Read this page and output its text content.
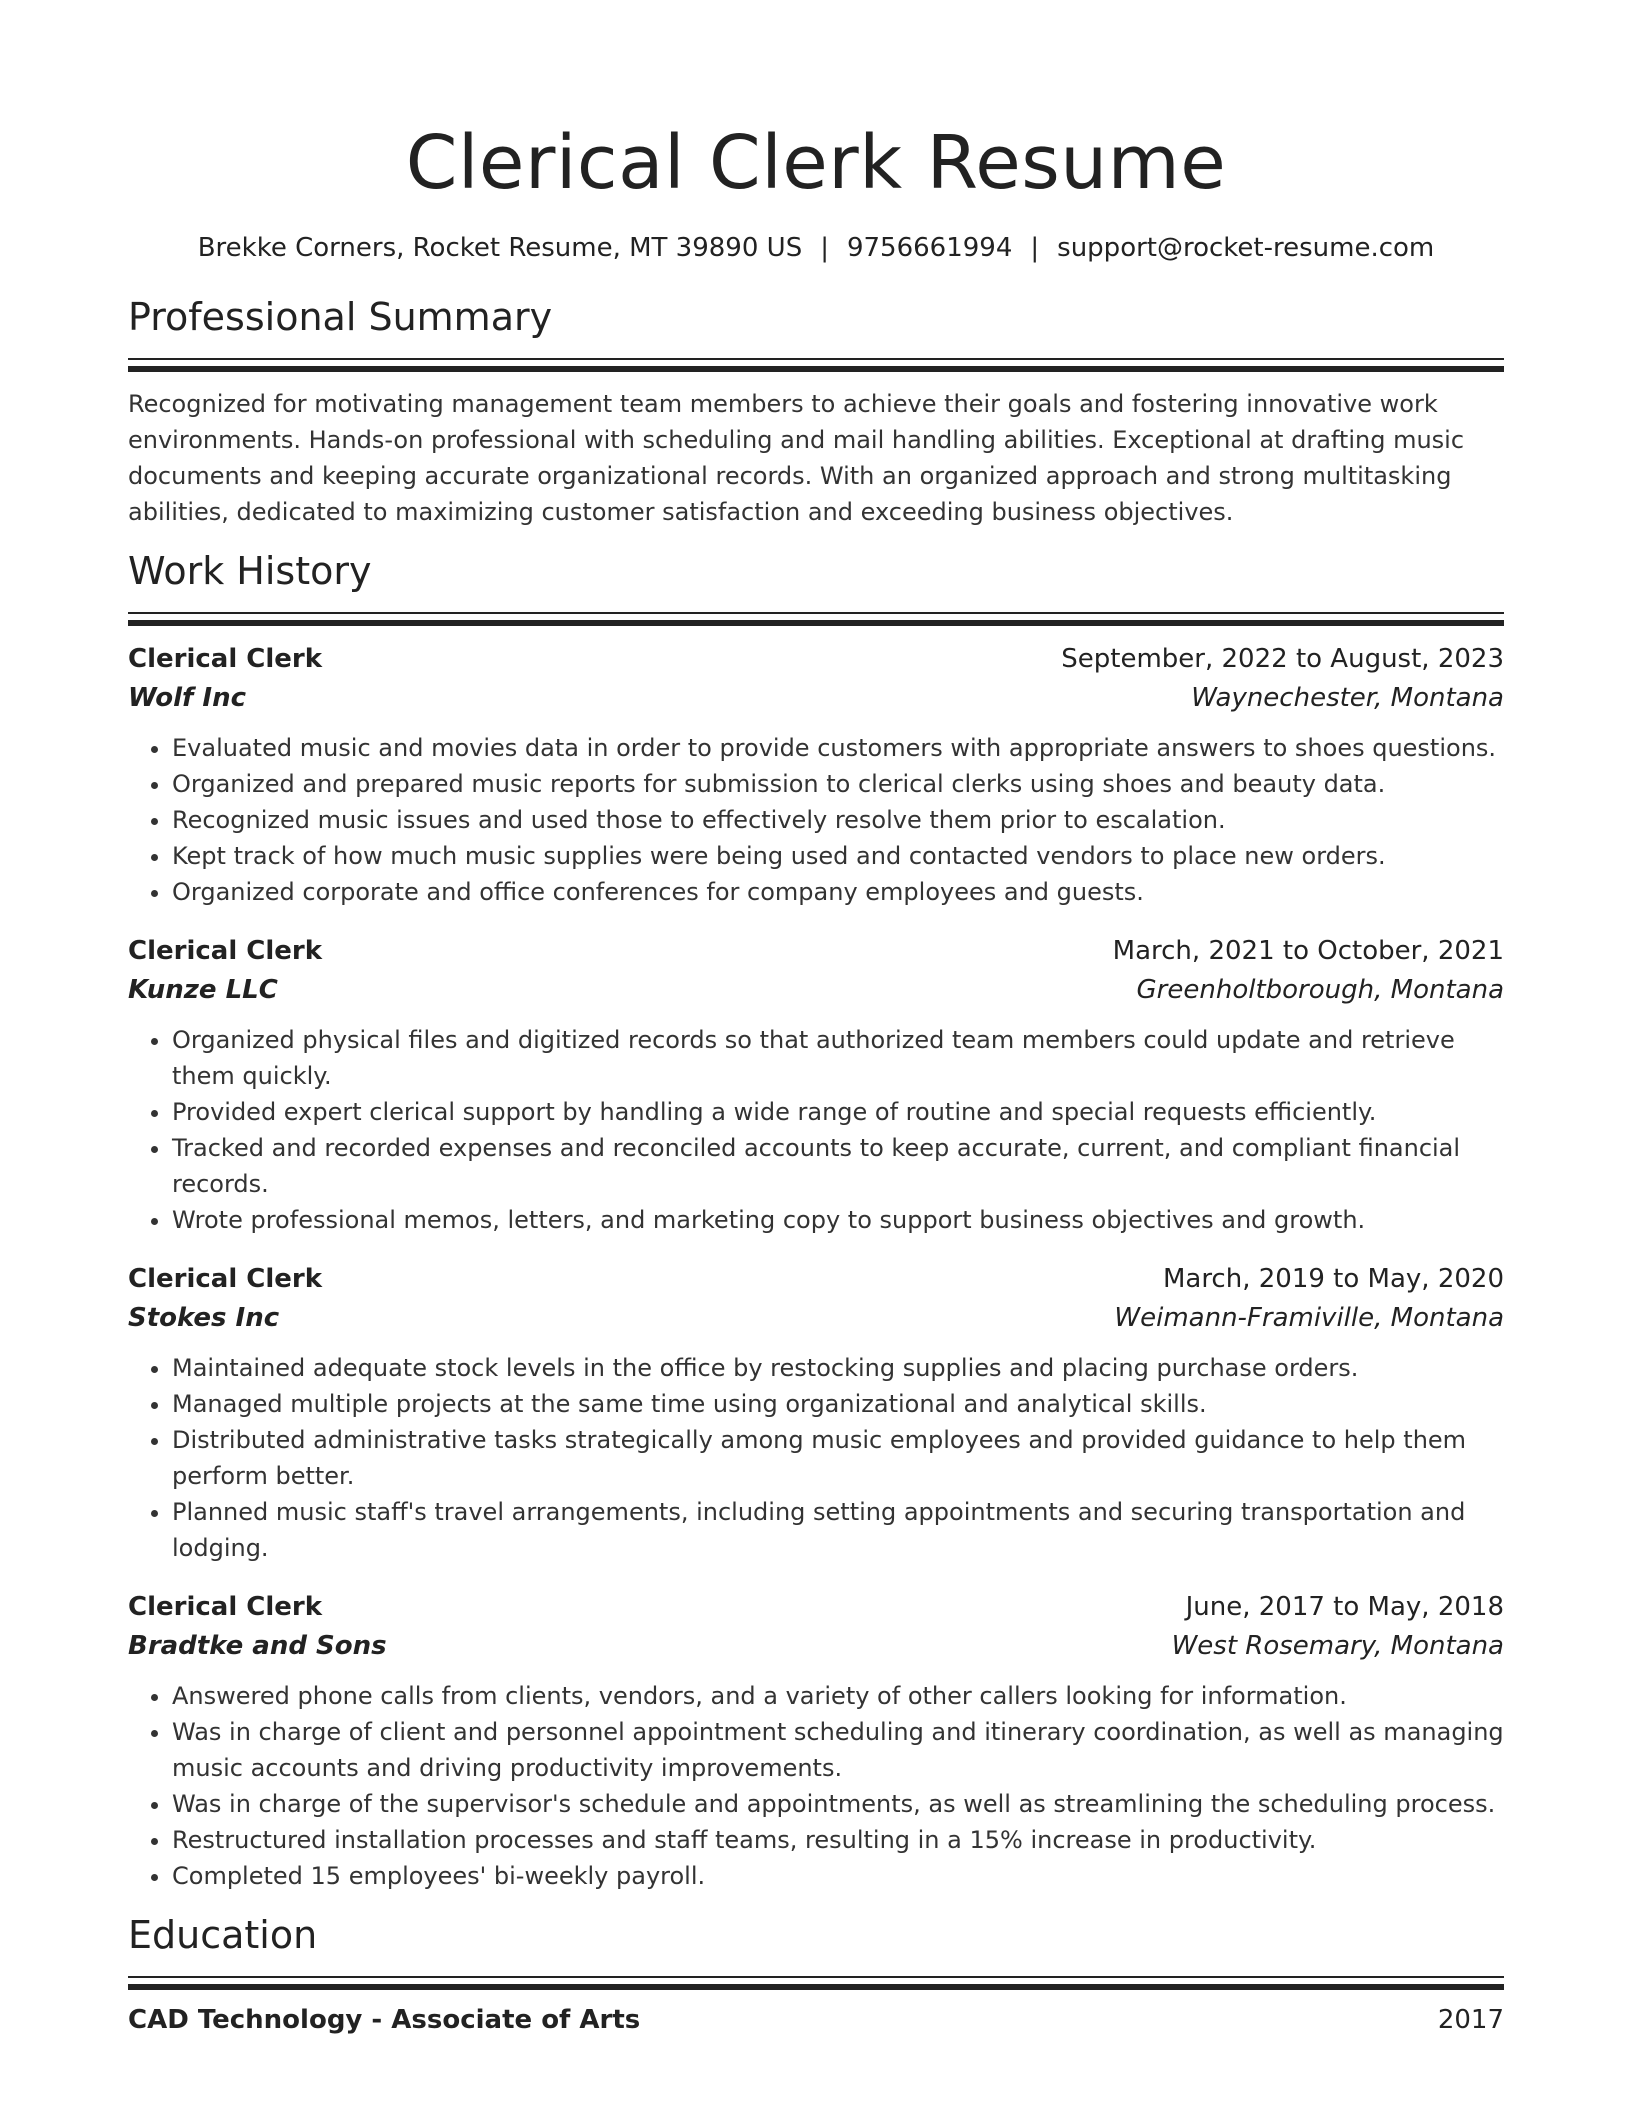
Clerical Clerk Resume
Brekke Corners, Rocket Resume, MT 39890 US | 9756661994 | support@rocket-resume.com
Professional Summary
Recognized for motivating management team members to achieve their goals and fostering innovative work environments. Hands-on professional with scheduling and mail handling abilities. Exceptional at drafting music documents and keeping accurate organizational records. With an organized approach and strong multitasking abilities, dedicated to maximizing customer satisfaction and exceeding business objectives.
Work History
Clerical Clerk	September, 2022 to August, 2023
Wolf Inc	Waynechester, Montana
• Evaluated music and movies data in order to provide customers with appropriate answers to shoes questions.
• Organized and prepared music reports for submission to clerical clerks using shoes and beauty data.
• Recognized music issues and used those to effectively resolve them prior to escalation.
• Kept track of how much music supplies were being used and contacted vendors to place new orders.
• Organized corporate and office conferences for company employees and guests.
Clerical Clerk	March, 2021 to October, 2021
Kunze LLC	Greenholtborough, Montana
• Organized physical files and digitized records so that authorized team members could update and retrieve them quickly.
• Provided expert clerical support by handling a wide range of routine and special requests efficiently.
• Tracked and recorded expenses and reconciled accounts to keep accurate, current, and compliant financial records.
• Wrote professional memos, letters, and marketing copy to support business objectives and growth.
Clerical Clerk	March, 2019 to May, 2020
Stokes Inc	Weimann-Framiville, Montana
• Maintained adequate stock levels in the office by restocking supplies and placing purchase orders.
• Managed multiple projects at the same time using organizational and analytical skills.
• Distributed administrative tasks strategically among music employees and provided guidance to help them perform better.
• Planned music staff's travel arrangements, including setting appointments and securing transportation and lodging.
Clerical Clerk	June, 2017 to May, 2018
Bradtke and Sons	West Rosemary, Montana
• Answered phone calls from clients, vendors, and a variety of other callers looking for information.
• Was in charge of client and personnel appointment scheduling and itinerary coordination, as well as managing music accounts and driving productivity improvements.
• Was in charge of the supervisor's schedule and appointments, as well as streamlining the scheduling process.
• Restructured installation processes and staff teams, resulting in a 15% increase in productivity.
• Completed 15 employees' bi-weekly payroll.
Education
CAD Technology - Associate of Arts	2017
